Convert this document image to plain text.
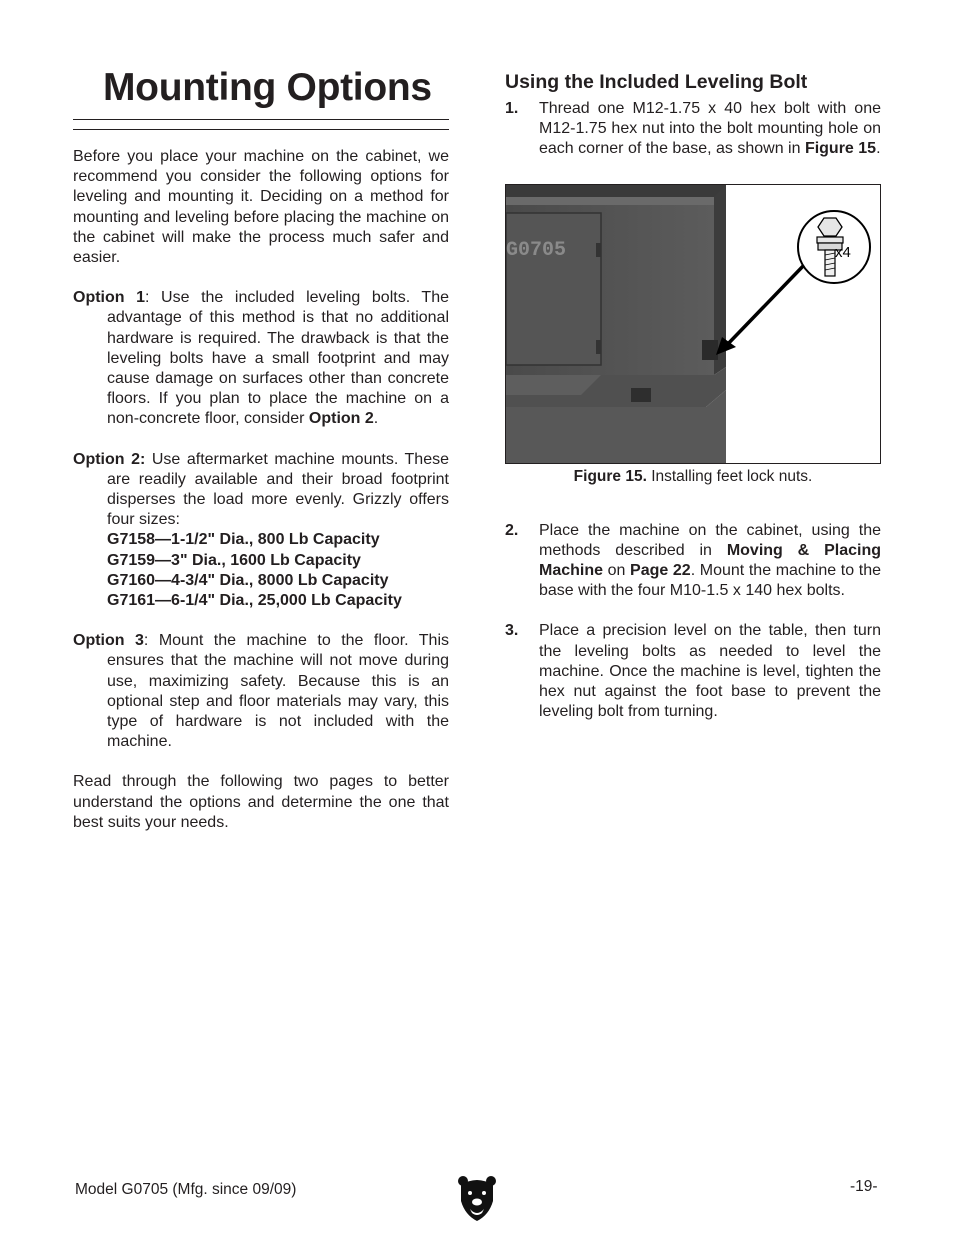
Mounting Options

Before you place your machine on the cabinet, we recommend you consider the following options for leveling and mounting it. Deciding on a method for mounting and leveling before placing the machine on the cabinet will make the process much safer and easier.

Option 1: Use the included leveling bolts. The advantage of this method is that no additional hardware is required. The drawback is that the leveling bolts have a small footprint and may cause damage on surfaces other than concrete floors. If you plan to place the machine on a non-concrete floor, consider Option 2.

Option 2: Use aftermarket machine mounts. These are readily available and their broad footprint disperses the load more evenly. Grizzly offers four sizes:

G7158—1-1/2" Dia., 800 Lb Capacity
G7159—3" Dia., 1600 Lb Capacity
G7160—4-3/4" Dia., 8000 Lb Capacity
G7161—6-1/4" Dia., 25,000 Lb Capacity

Option 3: Mount the machine to the floor. This ensures that the machine will not move during use, maximizing safety. Because this is an optional step and floor materials may vary, this type of hardware is not included with the machine.

Read through the following two pages to better understand the options and determine the one that best suits your needs.

Using the Included Leveling Bolt
1. Thread one M12-1.75 x 40 hex bolt with one M12-1.75 hex nut into the bolt mounting hole on each corner of the base, as shown in Figure 15.
G0705	x4
Figure 15. Installing feet lock nuts.
2. Place the machine on the cabinet, using the methods described in Moving & Placing Machine on Page 22. Mount the machine to the base with the four M10-1.5 x 140 hex bolts.
3. Place a precision level on the table, then turn the leveling bolts as needed to level the machine. Once the machine is level, tighten the hex nut against the foot base to prevent the leveling bolt from turning.
Model G0705 (Mfg. since 09/09)	-19-
